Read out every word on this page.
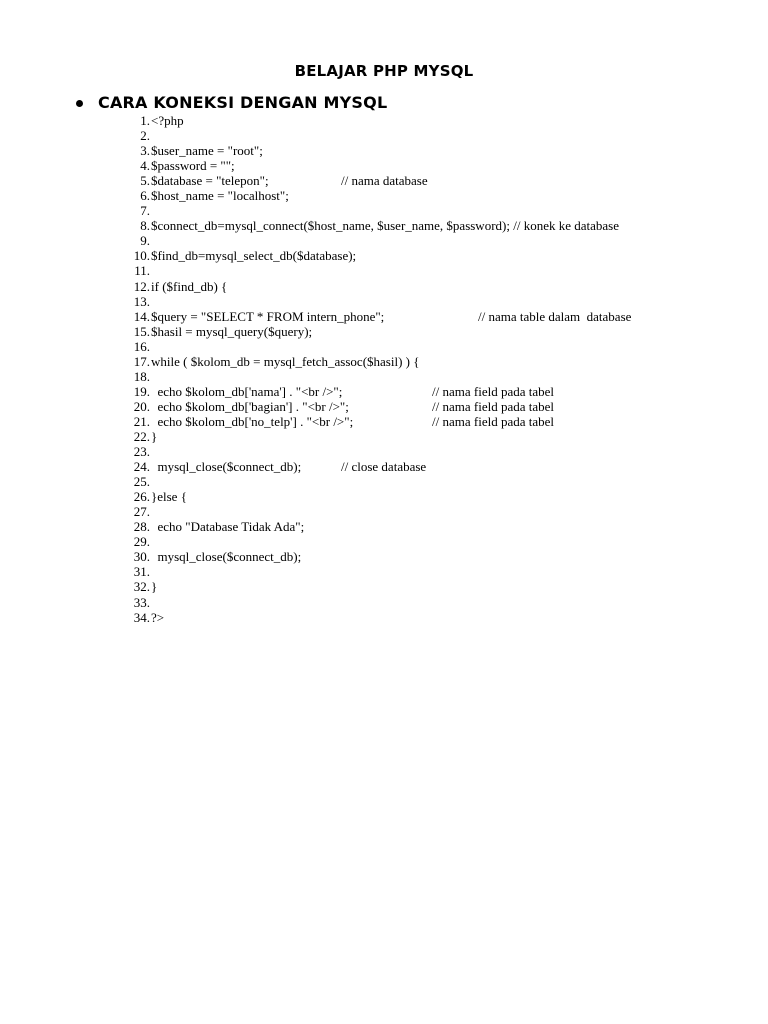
BELAJAR PHP MYSQL
CARA KONEKSI DENGAN MYSQL
1. <?php
2.
3. $user_name = "root";
4. $password = "";
5. $database = "telepon";	// nama database
6. $host_name = "localhost";
7.
8. $connect_db=mysql_connect($host_name, $user_name, $password); // konek ke database
9.
10. $find_db=mysql_select_db($database);
11.
12. if ($find_db) {
13.
14. $query = "SELECT * FROM intern_phone";	// nama table dalam  database
15. $hasil = mysql_query($query);
16.
17. while ( $kolom_db = mysql_fetch_assoc($hasil) ) {
18.
19. echo $kolom_db['nama'] . "<br />";	// nama field pada tabel
20. echo $kolom_db['bagian'] . "<br />";	// nama field pada tabel
21. echo $kolom_db['no_telp'] . "<br />";	// nama field pada tabel
22. }
23.
24. mysql_close($connect_db);	// close database
25.
26. }else {
27.
28. echo "Database Tidak Ada";
29.
30. mysql_close($connect_db);
31.
32. }
33.
34. ?>
